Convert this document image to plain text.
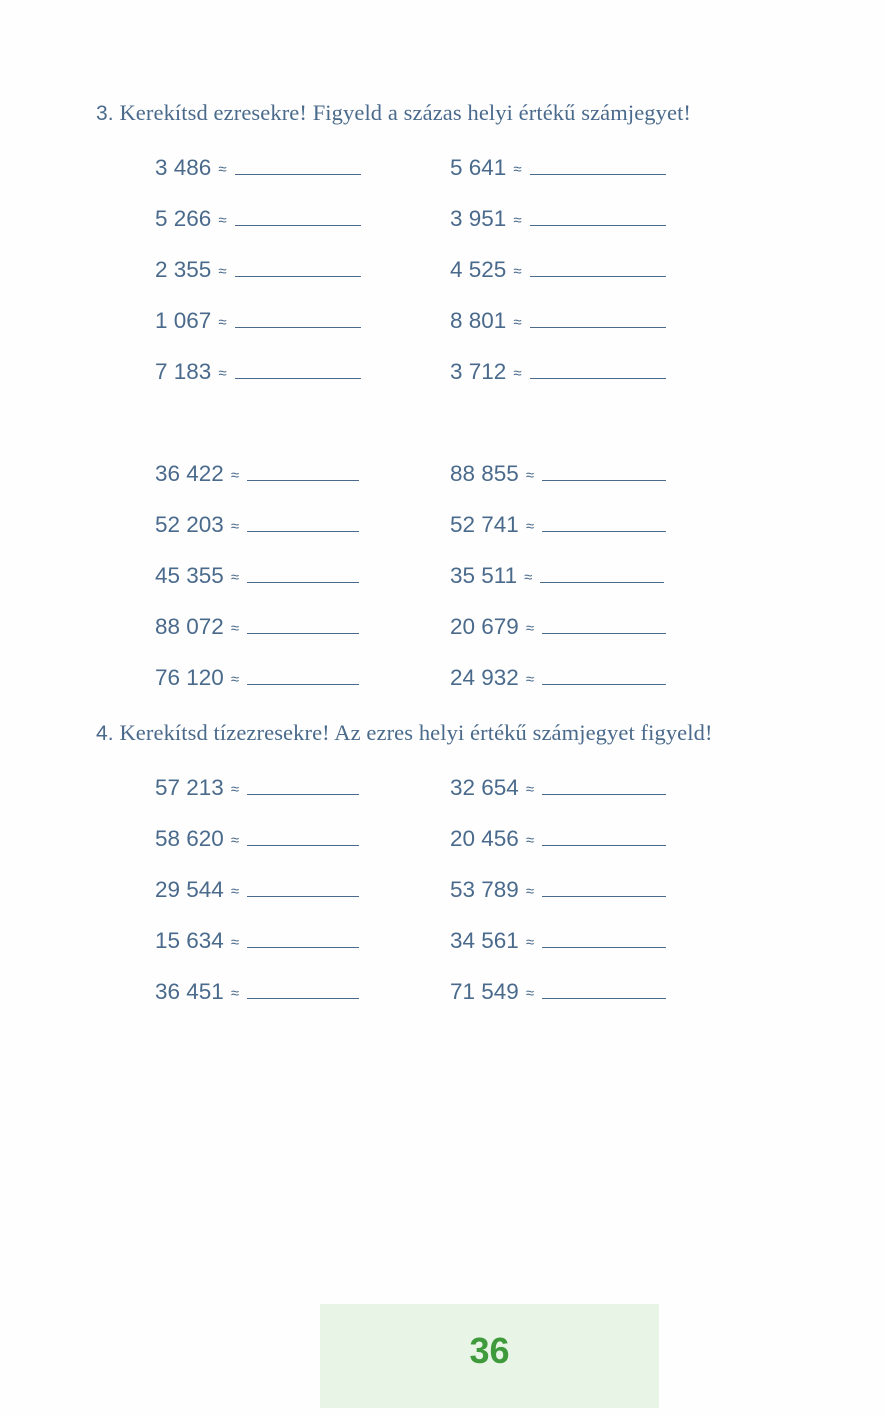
3. Kerekítsd ezresekre! Figyeld a százas helyi értékű számjegyet!
3 486 ≈	5 641 ≈
5 266 ≈	3 951 ≈
2 355 ≈	4 525 ≈
1 067 ≈	8 801 ≈
7 183 ≈	3 712 ≈
36 422 ≈	88 855 ≈
52 203 ≈	52 741 ≈
45 355 ≈	35 511 ≈
88 072 ≈	20 679 ≈
76 120 ≈	24 932 ≈
4. Kerekítsd tízezresekre! Az ezres helyi értékű számjegyet figyeld!
57 213 ≈	32 654 ≈
58 620 ≈	20 456 ≈
29 544 ≈	53 789 ≈
15 634 ≈	34 561 ≈
36 451 ≈	71 549 ≈
36
